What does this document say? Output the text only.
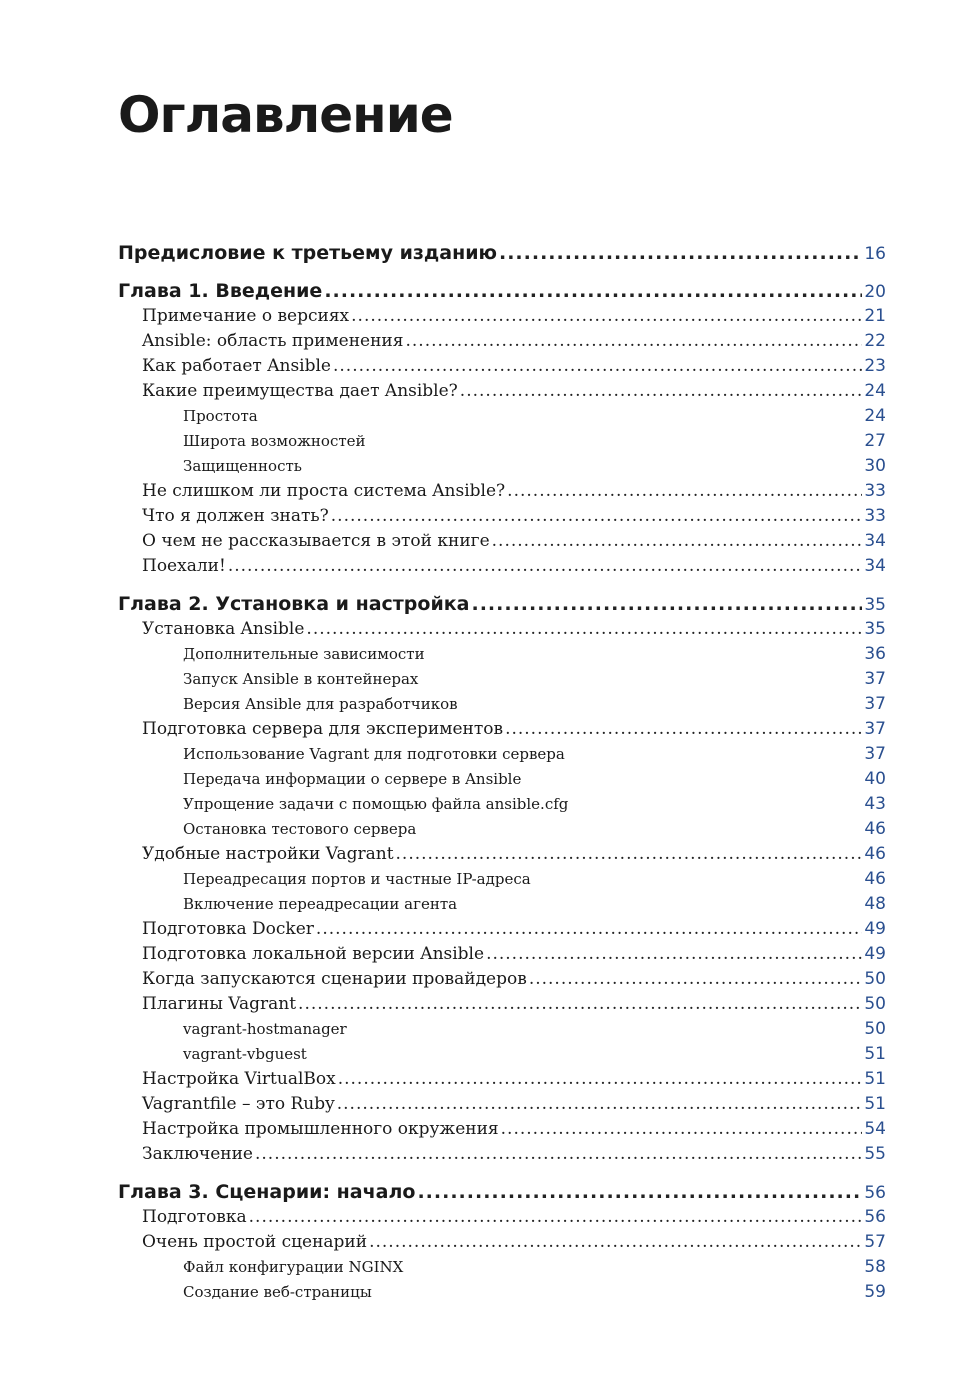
Оглавление
Предисловие к третьему изданию .....	16
Глава 1. Введение .....	20
Примечание о версиях .....	21
Ansible: область применения .....	22
Как работает Ansible .....	23
Какие преимущества дает Ansible? .....	24
Простота .....	24
Широта возможностей .....	27
Защищенность .....	30
Не слишком ли проста система Ansible? .....	33
Что я должен знать? .....	33
О чем не рассказывается в этой книге .....	34
Поехали! .....	34
Глава 2. Установка и настройка .....	35
Установка Ansible .....	35
Дополнительные зависимости .....	36
Запуск Ansible в контейнерах .....	37
Версия Ansible для разработчиков .....	37
Подготовка сервера для экспериментов .....	37
Использование Vagrant для подготовки сервера .....	37
Передача информации о сервере в Ansible .....	40
Упрощение задачи с помощью файла ansible.cfg .....	43
Остановка тестового сервера .....	46
Удобные настройки Vagrant .....	46
Переадресация портов и частные IP-адреса .....	46
Включение переадресации агента .....	48
Подготовка Docker .....	49
Подготовка локальной версии Ansible .....	49
Когда запускаются сценарии провайдеров .....	50
Плагины Vagrant .....	50
vagrant-hostmanager .....	50
vagrant-vbguest .....	51
Настройка VirtualBox .....	51
Vagrantfile – это Ruby .....	51
Настройка промышленного окружения .....	54
Заключение .....	55
Глава 3. Сценарии: начало .....	56
Подготовка .....	56
Очень простой сценарий .....	57
Файл конфигурации NGINX .....	58
Создание веб-страницы .....	59
